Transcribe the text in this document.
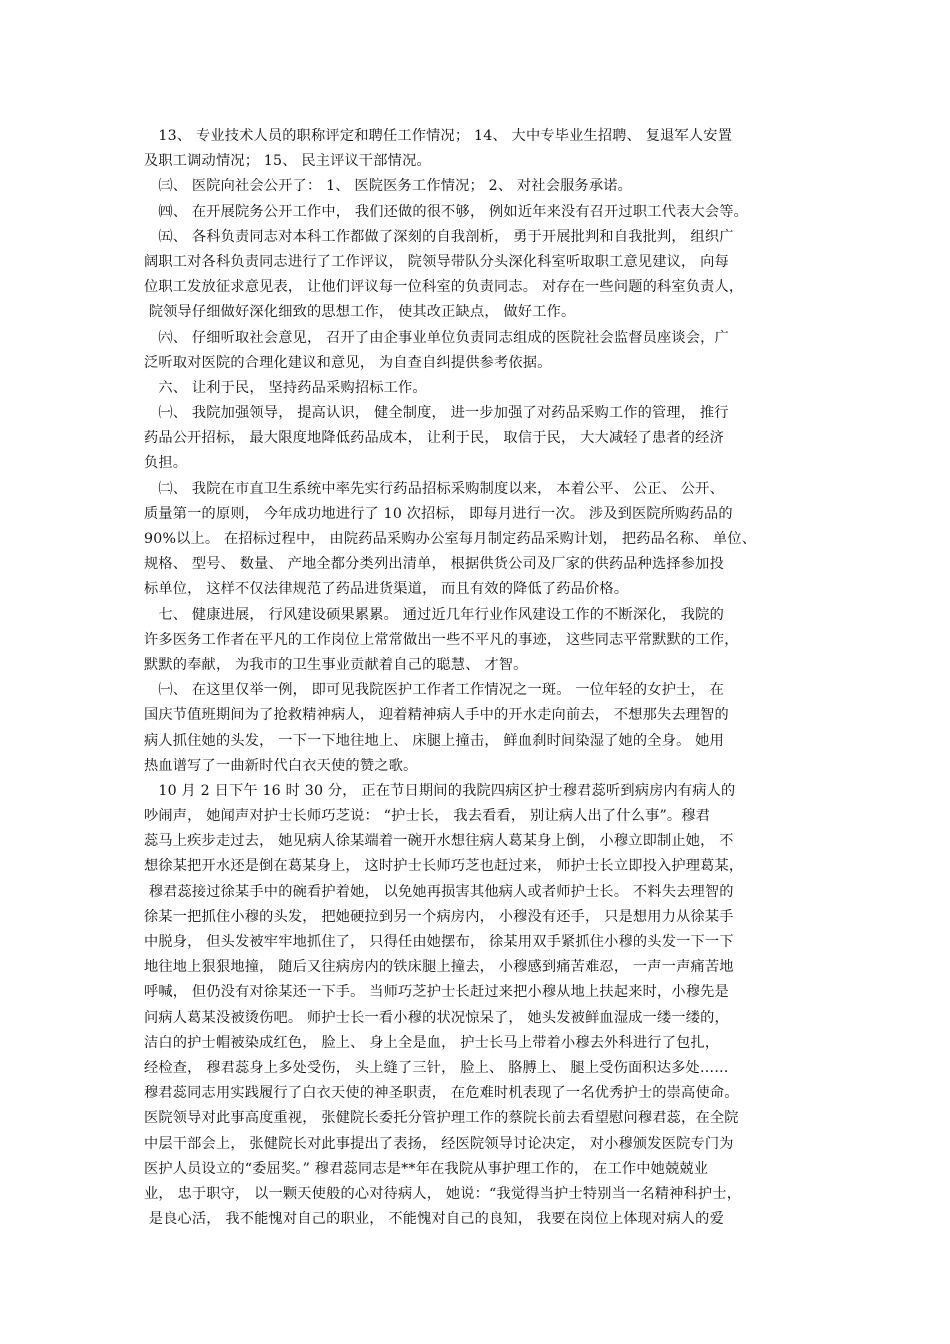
　13、 专业技术人员的职称评定和聘任工作情况； 14、 大中专毕业生招聘、 复退军人安置
及职工调动情况； 15、 民主评议干部情况。
　㈢、 医院向社会公开了： 1、 医院医务工作情况； 2、 对社会服务承诺。
　㈣、 在开展院务公开工作中， 我们还做的很不够， 例如近年来没有召开过职工代表大会等。
　㈤、 各科负责同志对本科工作都做了深刻的自我剖析， 勇于开展批判和自我批判， 组织广
阔职工对各科负责同志进行了工作评议， 院领导带队分头深化科室听取职工意见建议， 向每
位职工发放征求意见表， 让他们评议每一位科室的负责同志。 对存在一些问题的科室负责人，
院领导仔细做好深化细致的思想工作， 使其改正缺点， 做好工作。
　㈥、 仔细听取社会意见， 召开了由企事业单位负责同志组成的医院社会监督员座谈会，广
泛听取对医院的合理化建议和意见， 为自查自纠提供参考依据。
　六、 让利于民， 坚持药品采购招标工作。
　㈠、 我院加强领导， 提高认识， 健全制度， 进一步加强了对药品采购工作的管理， 推行
药品公开招标， 最大限度地降低药品成本， 让利于民， 取信于民， 大大减轻了患者的经济
负担。
　㈡、 我院在市直卫生系统中率先实行药品招标采购制度以来， 本着公平、 公正、 公开、
质量第一的原则， 今年成功地进行了 10 次招标， 即每月进行一次。 涉及到医院所购药品的
90%以上。 在招标过程中， 由院药品采购办公室每月制定药品采购计划， 把药品名称、 单位、
规格、 型号、 数量、 产地全都分类列出清单， 根据供货公司及厂家的供药品种选择参加投
标单位， 这样不仅法律规范了药品进货渠道， 而且有效的降低了药品价格。
　七、 健康进展， 行风建设硕果累累。 通过近几年行业作风建设工作的不断深化， 我院的
许多医务工作者在平凡的工作岗位上常常做出一些不平凡的事迹， 这些同志平常默默的工作，
默默的奉献， 为我市的卫生事业贡献着自己的聪慧、 才智。
　㈠、 在这里仅举一例， 即可见我院医护工作者工作情况之一斑。 一位年轻的女护士， 在
国庆节值班期间为了抢救精神病人， 迎着精神病人手中的开水走向前去， 不想那失去理智的
病人抓住她的头发， 一下一下地往地上、 床腿上撞击， 鲜血刹时间染湿了她的全身。 她用
热血谱写了一曲新时代白衣天使的赞之歌。
　10 月 2 日下午 16 时 30 分， 正在节日期间的我院四病区护士穆君蕊听到病房内有病人的
吵闹声， 她闻声对护士长师巧芝说： “护士长， 我去看看， 别让病人出了什么事”。穆君
蕊马上疾步走过去， 她见病人徐某端着一碗开水想往病人葛某身上倒， 小穆立即制止她， 不
想徐某把开水还是倒在葛某身上， 这时护士长师巧芝也赶过来， 师护士长立即投入护理葛某，
穆君蕊接过徐某手中的碗看护着她， 以免她再损害其他病人或者师护士长。 不料失去理智的
徐某一把抓住小穆的头发， 把她硬拉到另一个病房内， 小穆没有还手， 只是想用力从徐某手
中脱身， 但头发被牢牢地抓住了， 只得任由她摆布， 徐某用双手紧抓住小穆的头发一下一下
地往地上狠狠地撞， 随后又往病房内的铁床腿上撞去， 小穆感到痛苦难忍， 一声一声痛苦地
呼喊， 但仍没有对徐某还一下手。 当师巧芝护士长赶过来把小穆从地上扶起来时，小穆先是
问病人葛某没被烫伤吧。 师护士长一看小穆的状况惊呆了， 她头发被鲜血湿成一缕一缕的，
洁白的护士帽被染成红色， 脸上、 身上全是血， 护士长马上带着小穆去外科进行了包扎，
经检查， 穆君蕊身上多处受伤， 头上缝了三针， 脸上、 胳膊上、 腿上受伤面积达多处……
穆君蕊同志用实践履行了白衣天使的神圣职责， 在危难时机表现了一名优秀护士的崇高使命。
医院领导对此事高度重视， 张健院长委托分管护理工作的蔡院长前去看望慰问穆君蕊，在全院
中层干部会上， 张健院长对此事提出了表扬， 经医院领导讨论决定， 对小穆颁发医院专门为
医护人员设立的“委屈奖。” 穆君蕊同志是**年在我院从事护理工作的， 在工作中她兢兢业
业， 忠于职守， 以一颗天使般的心对待病人， 她说：“我觉得当护士特别当一名精神科护士，
是良心活， 我不能愧对自己的职业， 不能愧对自己的良知， 我要在岗位上体现对病人的爱
